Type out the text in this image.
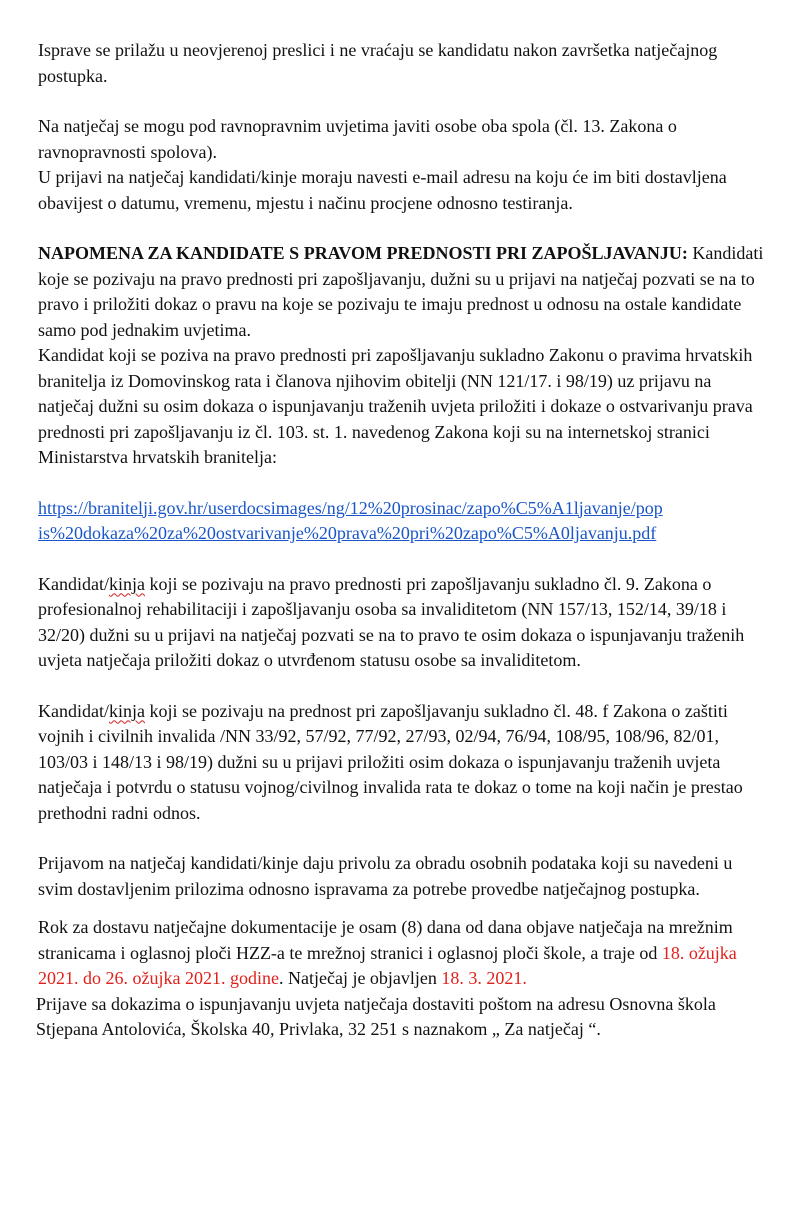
Isprave se prilažu u neovjerenoj preslici i ne vraćaju se kandidatu nakon završetka natječajnog postupka.

Na natječaj se mogu pod ravnopravnim uvjetima javiti osobe oba spola (čl. 13. Zakona o ravnopravnosti spolova).

U prijavi na natječaj kandidati/kinje moraju navesti e-mail adresu na koju će im biti dostavljena obavijest o datumu, vremenu, mjestu i načinu procjene odnosno testiranja.

NAPOMENA ZA KANDIDATE S PRAVOM PREDNOSTI PRI ZAPOŠLJAVANJU: Kandidati koje se pozivaju na pravo prednosti pri zapošljavanju, dužni su u prijavi na natječaj pozvati se na to pravo i priložiti dokaz o pravu na koje se pozivaju te imaju prednost u odnosu na ostale kandidate samo pod jednakim uvjetima.

Kandidat koji se poziva na pravo prednosti pri zapošljavanju sukladno Zakonu o pravima hrvatskih branitelja iz Domovinskog rata i članova njihovim obitelji (NN 121/17. i 98/19) uz prijavu na natječaj dužni su osim dokaza o ispunjavanju traženih uvjeta priložiti i dokaze o ostvarivanju prava prednosti pri zapošljavanju iz čl. 103. st. 1. navedenog Zakona koji su na internetskoj stranici Ministarstva hrvatskih branitelja:

https://branitelji.gov.hr/userdocsimages/ng/12%20prosinac/zapo%C5%A1ljavanje/pop
is%20dokaza%20za%20ostvarivanje%20prava%20pri%20zapo%C5%A0ljavanju.pdf

Kandidat/kinja koji se pozivaju na pravo prednosti pri zapošljavanju sukladno čl. 9. Zakona o profesionalnoj rehabilitaciji i zapošljavanju osoba sa invaliditetom (NN 157/13, 152/14, 39/18 i 32/20) dužni su u prijavi na natječaj pozvati se na to pravo te osim dokaza o ispunjavanju traženih uvjeta natječaja priložiti dokaz o utvrđenom statusu osobe sa invaliditetom.

Kandidat/kinja koji se pozivaju na prednost pri zapošljavanju sukladno čl. 48. f Zakona o zaštiti vojnih i civilnih invalida /NN 33/92, 57/92, 77/92, 27/93, 02/94, 76/94, 108/95, 108/96, 82/01, 103/03 i 148/13 i 98/19) dužni su u prijavi priložiti osim dokaza o ispunjavanju traženih uvjeta natječaja i potvrdu o statusu vojnog/civilnog invalida rata te dokaz o tome na koji način je prestao prethodni radni odnos.

Prijavom na natječaj kandidati/kinje daju privolu za obradu osobnih podataka koji su navedeni u svim dostavljenim prilozima odnosno ispravama za potrebe provedbe natječajnog postupka.

Rok za dostavu natječajne dokumentacije je osam (8) dana od dana objave natječaja na mrežnim stranicama i oglasnoj ploči HZZ-a te mrežnoj stranici i oglasnoj ploči škole, a traje od 18. ožujka 2021. do 26. ožujka 2021. godine. Natječaj je objavljen 18. 3. 2021.

Prijave sa dokazima o ispunjavanju uvjeta natječaja dostaviti poštom na adresu Osnovna škola Stjepana Antolovića, Školska 40, Privlaka, 32 251 s naznakom „ Za natječaj “.
